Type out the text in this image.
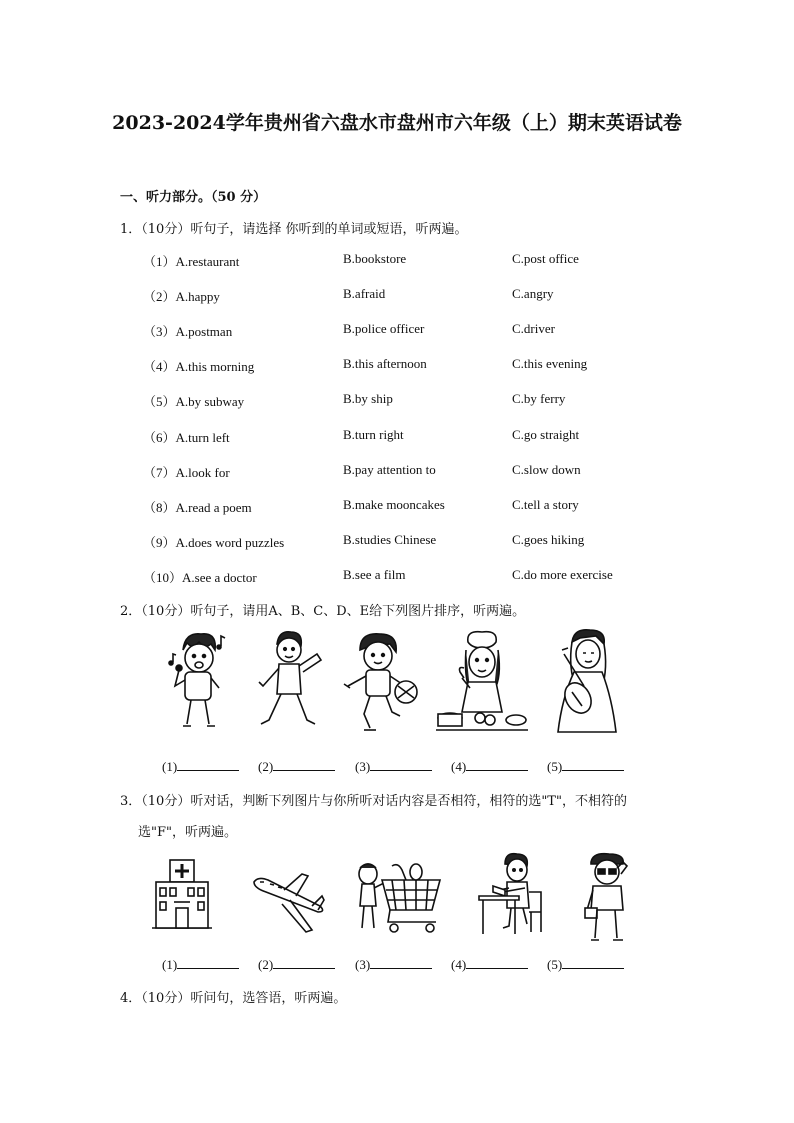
2023-2024学年贵州省六盘水市盘州市六年级（上）期末英语试卷
一、听力部分。（50 分）
1．（10分）听句子，请选择 你听到的单词或短语，听两遍。
（1）A.restaurant	B.bookstore	C.post office
（2）A.happy	B.afraid	C.angry
（3）A.postman	B.police officer	C.driver
（4）A.this morning	B.this afternoon	C.this evening
（5）A.by subway	B.by ship	C.by ferry
（6）A.turn left	B.turn right	C.go straight
（7）A.look for	B.pay attention to	C.slow down
（8）A.read a poem	B.make mooncakes	C.tell a story
（9）A.does word puzzles	B.studies Chinese	C.goes hiking
（10）A.see a doctor	B.see a film	C.do more exercise
2．（10分）听句子，请用A、B、C、D、E给下列图片排序，听两遍。
(1)	(2)	(3)	(4)	(5)
3．（10分）听对话，判断下列图片与你所听对话内容是否相符，相符的选"T"，不相符的
选"F"，听两遍。
(1)	(2)	(3)	(4)	(5)
4．（10分）听问句，选答语，听两遍。
